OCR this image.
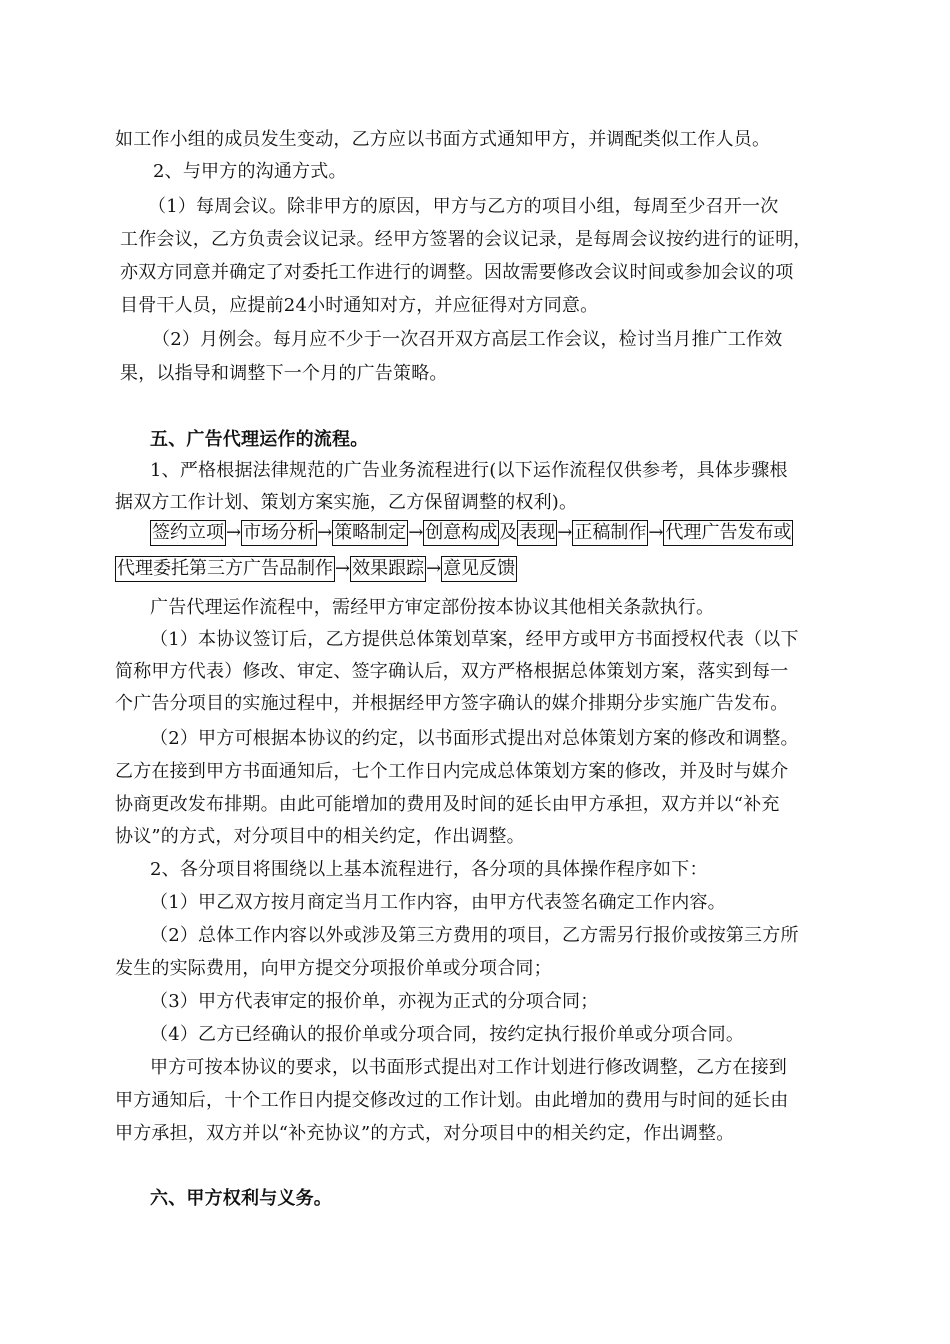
如工作小组的成员发生变动，乙方应以书面方式通知甲方，并调配类似工作人员。
2、与甲方的沟通方式。
（1）每周会议。除非甲方的原因，甲方与乙方的项目小组，每周至少召开一次
工作会议，乙方负责会议记录。经甲方签署的会议记录，是每周会议按约进行的证明，
亦双方同意并确定了对委托工作进行的调整。因故需要修改会议时间或参加会议的项
目骨干人员，应提前24小时通知对方，并应征得对方同意。
（2）月例会。每月应不少于一次召开双方高层工作会议，检讨当月推广工作效
果，以指导和调整下一个月的广告策略。
五、广告代理运作的流程。
1、严格根据法律规范的广告业务流程进行(以下运作流程仅供参考，具体步骤根
据双方工作计划、策划方案实施，乙方保留调整的权利)。
签约立项 → 市场分析 → 策略制定 → 创意构成 及 表现 → 正稿制作 → 代理广告发布或
代理委托第三方广告品制作 → 效果跟踪 → 意见反馈
广告代理运作流程中，需经甲方审定部份按本协议其他相关条款执行。
（1）本协议签订后，乙方提供总体策划草案，经甲方或甲方书面授权代表（以下
简称甲方代表）修改、审定、签字确认后，双方严格根据总体策划方案，落实到每一
个广告分项目的实施过程中，并根据经甲方签字确认的媒介排期分步实施广告发布。
（2）甲方可根据本协议的约定，以书面形式提出对总体策划方案的修改和调整。
乙方在接到甲方书面通知后，七个工作日内完成总体策划方案的修改，并及时与媒介
协商更改发布排期。由此可能增加的费用及时间的延长由甲方承担，双方并以“补充
协议”的方式，对分项目中的相关约定，作出调整。
2、各分项目将围绕以上基本流程进行，各分项的具体操作程序如下：
（1）甲乙双方按月商定当月工作内容，由甲方代表签名确定工作内容。
（2）总体工作内容以外或涉及第三方费用的项目，乙方需另行报价或按第三方所
发生的实际费用，向甲方提交分项报价单或分项合同；
（3）甲方代表审定的报价单，亦视为正式的分项合同；
（4）乙方已经确认的报价单或分项合同，按约定执行报价单或分项合同。
甲方可按本协议的要求，以书面形式提出对工作计划进行修改调整，乙方在接到
甲方通知后，十个工作日内提交修改过的工作计划。由此增加的费用与时间的延长由
甲方承担，双方并以“补充协议”的方式，对分项目中的相关约定，作出调整。
六、甲方权利与义务。
